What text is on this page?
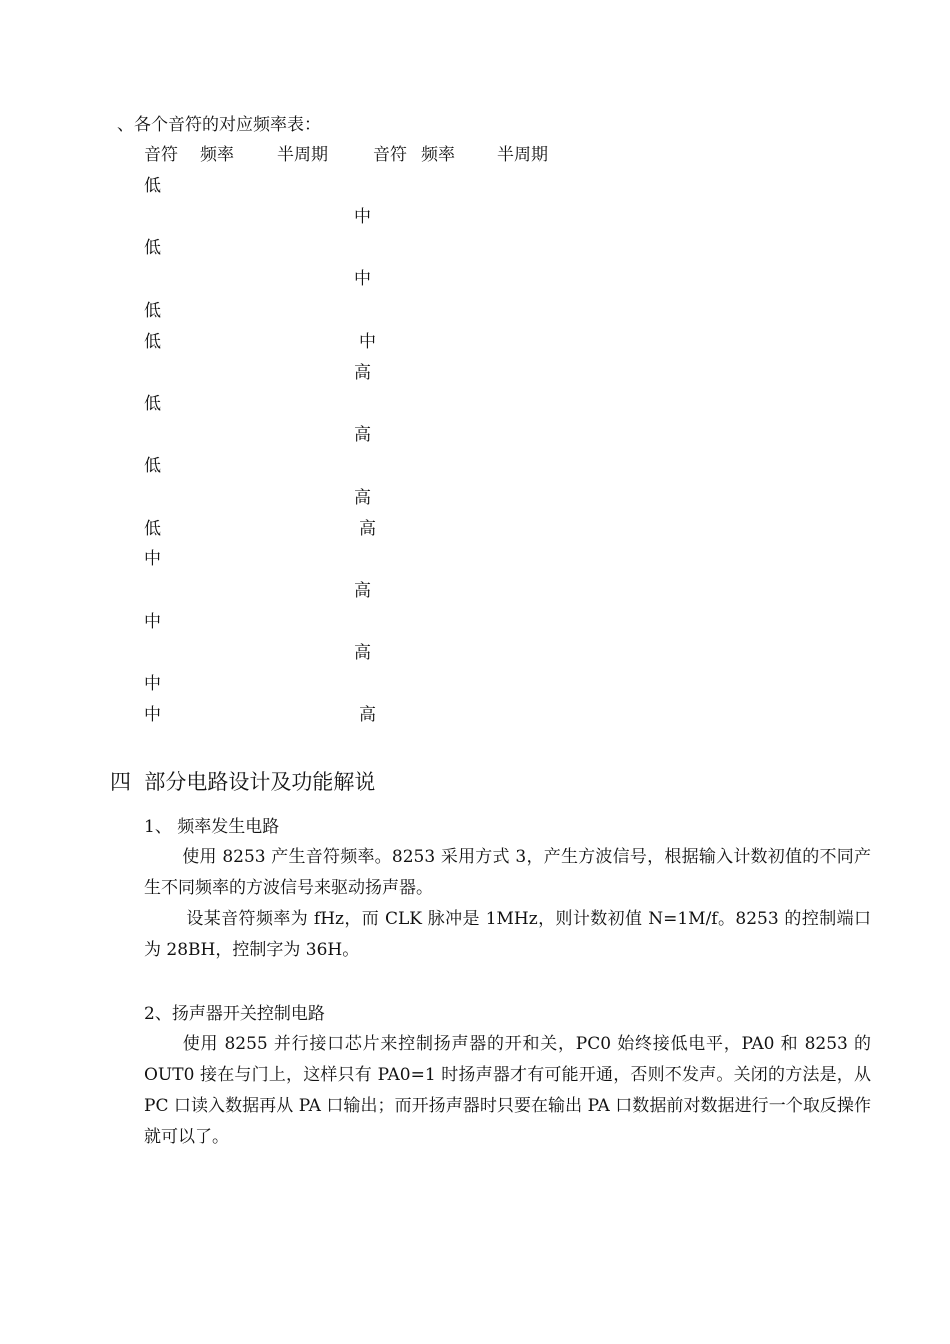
、各个音符的对应频率表：
音符 频率	半周期	音符 频率 半周期
低
低
低
低
低
低
低
中
中
中
中
中
中
中
高
高
高
高
高
高
高
四  部分电路设计及功能解说
1、 频率发生电路
使用 8253 产生音符频率。8253 采用方式 3，产生方波信号，根据输入计数初值的不同产生不同频率的方波信号来驱动扬声器。
设某音符频率为 fHz，而 CLK 脉冲是 1MHz，则计数初值 N=1M/f。8253 的控制端口为 28BH，控制字为 36H。
2、扬声器开关控制电路
使用 8255 并行接口芯片来控制扬声器的开和关，PC0 始终接低电平，PA0 和 8253 的 OUT0 接在与门上，这样只有 PA0=1 时扬声器才有可能开通，否则不发声。关闭的方法是，从 PC 口读入数据再从 PA 口输出；而开扬声器时只要在输出 PA 口数据前对数据进行一个取反操作就可以了。
